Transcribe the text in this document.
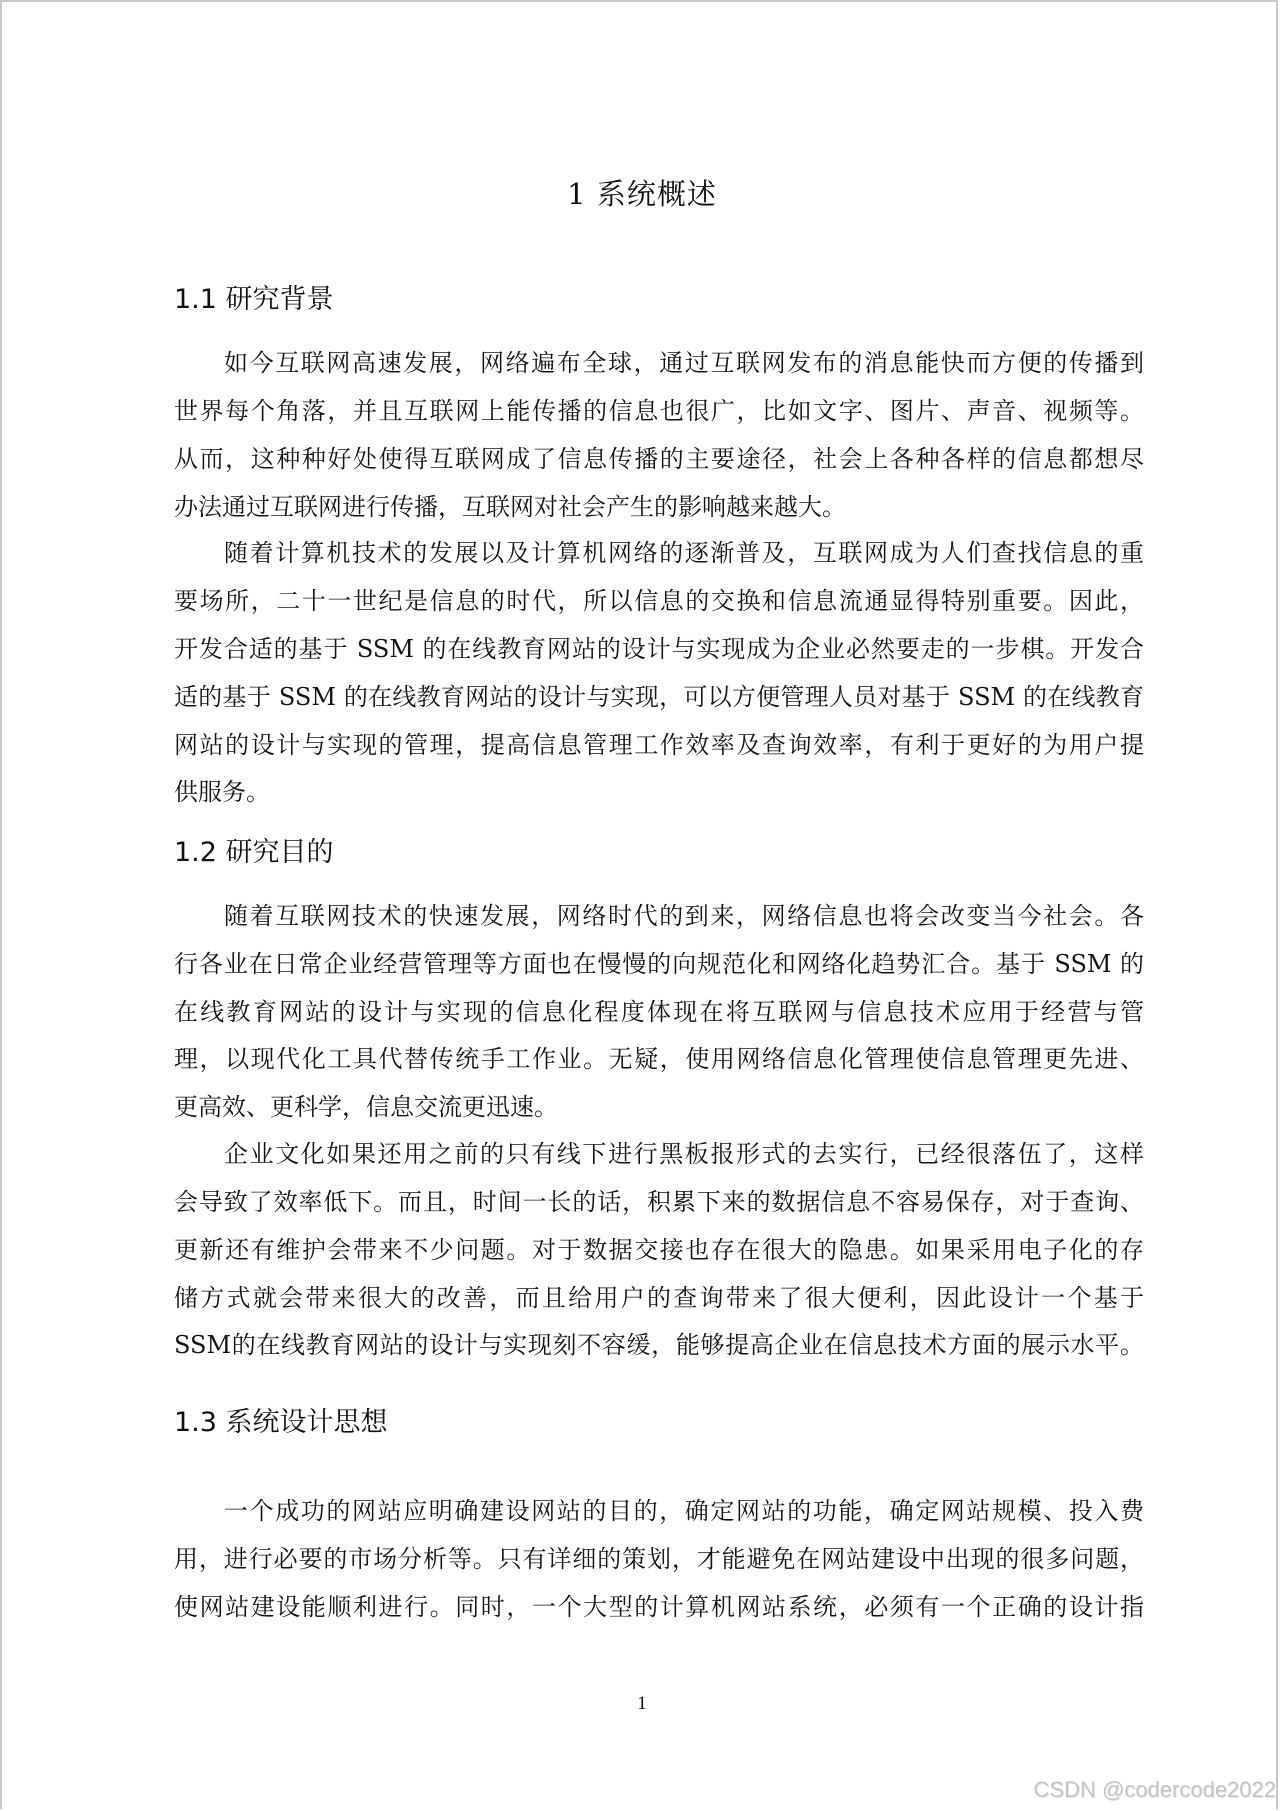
1 系统概述
1.1 研究背景
如今互联网高速发展，网络遍布全球，通过互联网发布的消息能快而方便的传播到
世界每个角落，并且互联网上能传播的信息也很广，比如文字、图片、声音、视频等。
从而，这种种好处使得互联网成了信息传播的主要途径，社会上各种各样的信息都想尽
办法通过互联网进行传播，互联网对社会产生的影响越来越大。
随着计算机技术的发展以及计算机网络的逐渐普及，互联网成为人们查找信息的重
要场所，二十一世纪是信息的时代，所以信息的交换和信息流通显得特别重要。因此，
开发合适的基于 SSM 的在线教育网站的设计与实现成为企业必然要走的一步棋。开发合
适的基于 SSM 的在线教育网站的设计与实现，可以方便管理人员对基于 SSM 的在线教育
网站的设计与实现的管理，提高信息管理工作效率及查询效率，有利于更好的为用户提
供服务。
1.2 研究目的
随着互联网技术的快速发展，网络时代的到来，网络信息也将会改变当今社会。各
行各业在日常企业经营管理等方面也在慢慢的向规范化和网络化趋势汇合。基于 SSM 的
在线教育网站的设计与实现的信息化程度体现在将互联网与信息技术应用于经营与管
理，以现代化工具代替传统手工作业。无疑，使用网络信息化管理使信息管理更先进、
更高效、更科学，信息交流更迅速。
企业文化如果还用之前的只有线下进行黑板报形式的去实行，已经很落伍了，这样
会导致了效率低下。而且，时间一长的话，积累下来的数据信息不容易保存，对于查询、
更新还有维护会带来不少问题。对于数据交接也存在很大的隐患。如果采用电子化的存
储方式就会带来很大的改善，而且给用户的查询带来了很大便利，因此设计一个基于
SSM的在线教育网站的设计与实现刻不容缓，能够提高企业在信息技术方面的展示水平。
1.3 系统设计思想
一个成功的网站应明确建设网站的目的，确定网站的功能，确定网站规模、投入费
用，进行必要的市场分析等。只有详细的策划，才能避免在网站建设中出现的很多问题，
使网站建设能顺利进行。同时，一个大型的计算机网站系统，必须有一个正确的设计指
1
CSDN @codercode2022
